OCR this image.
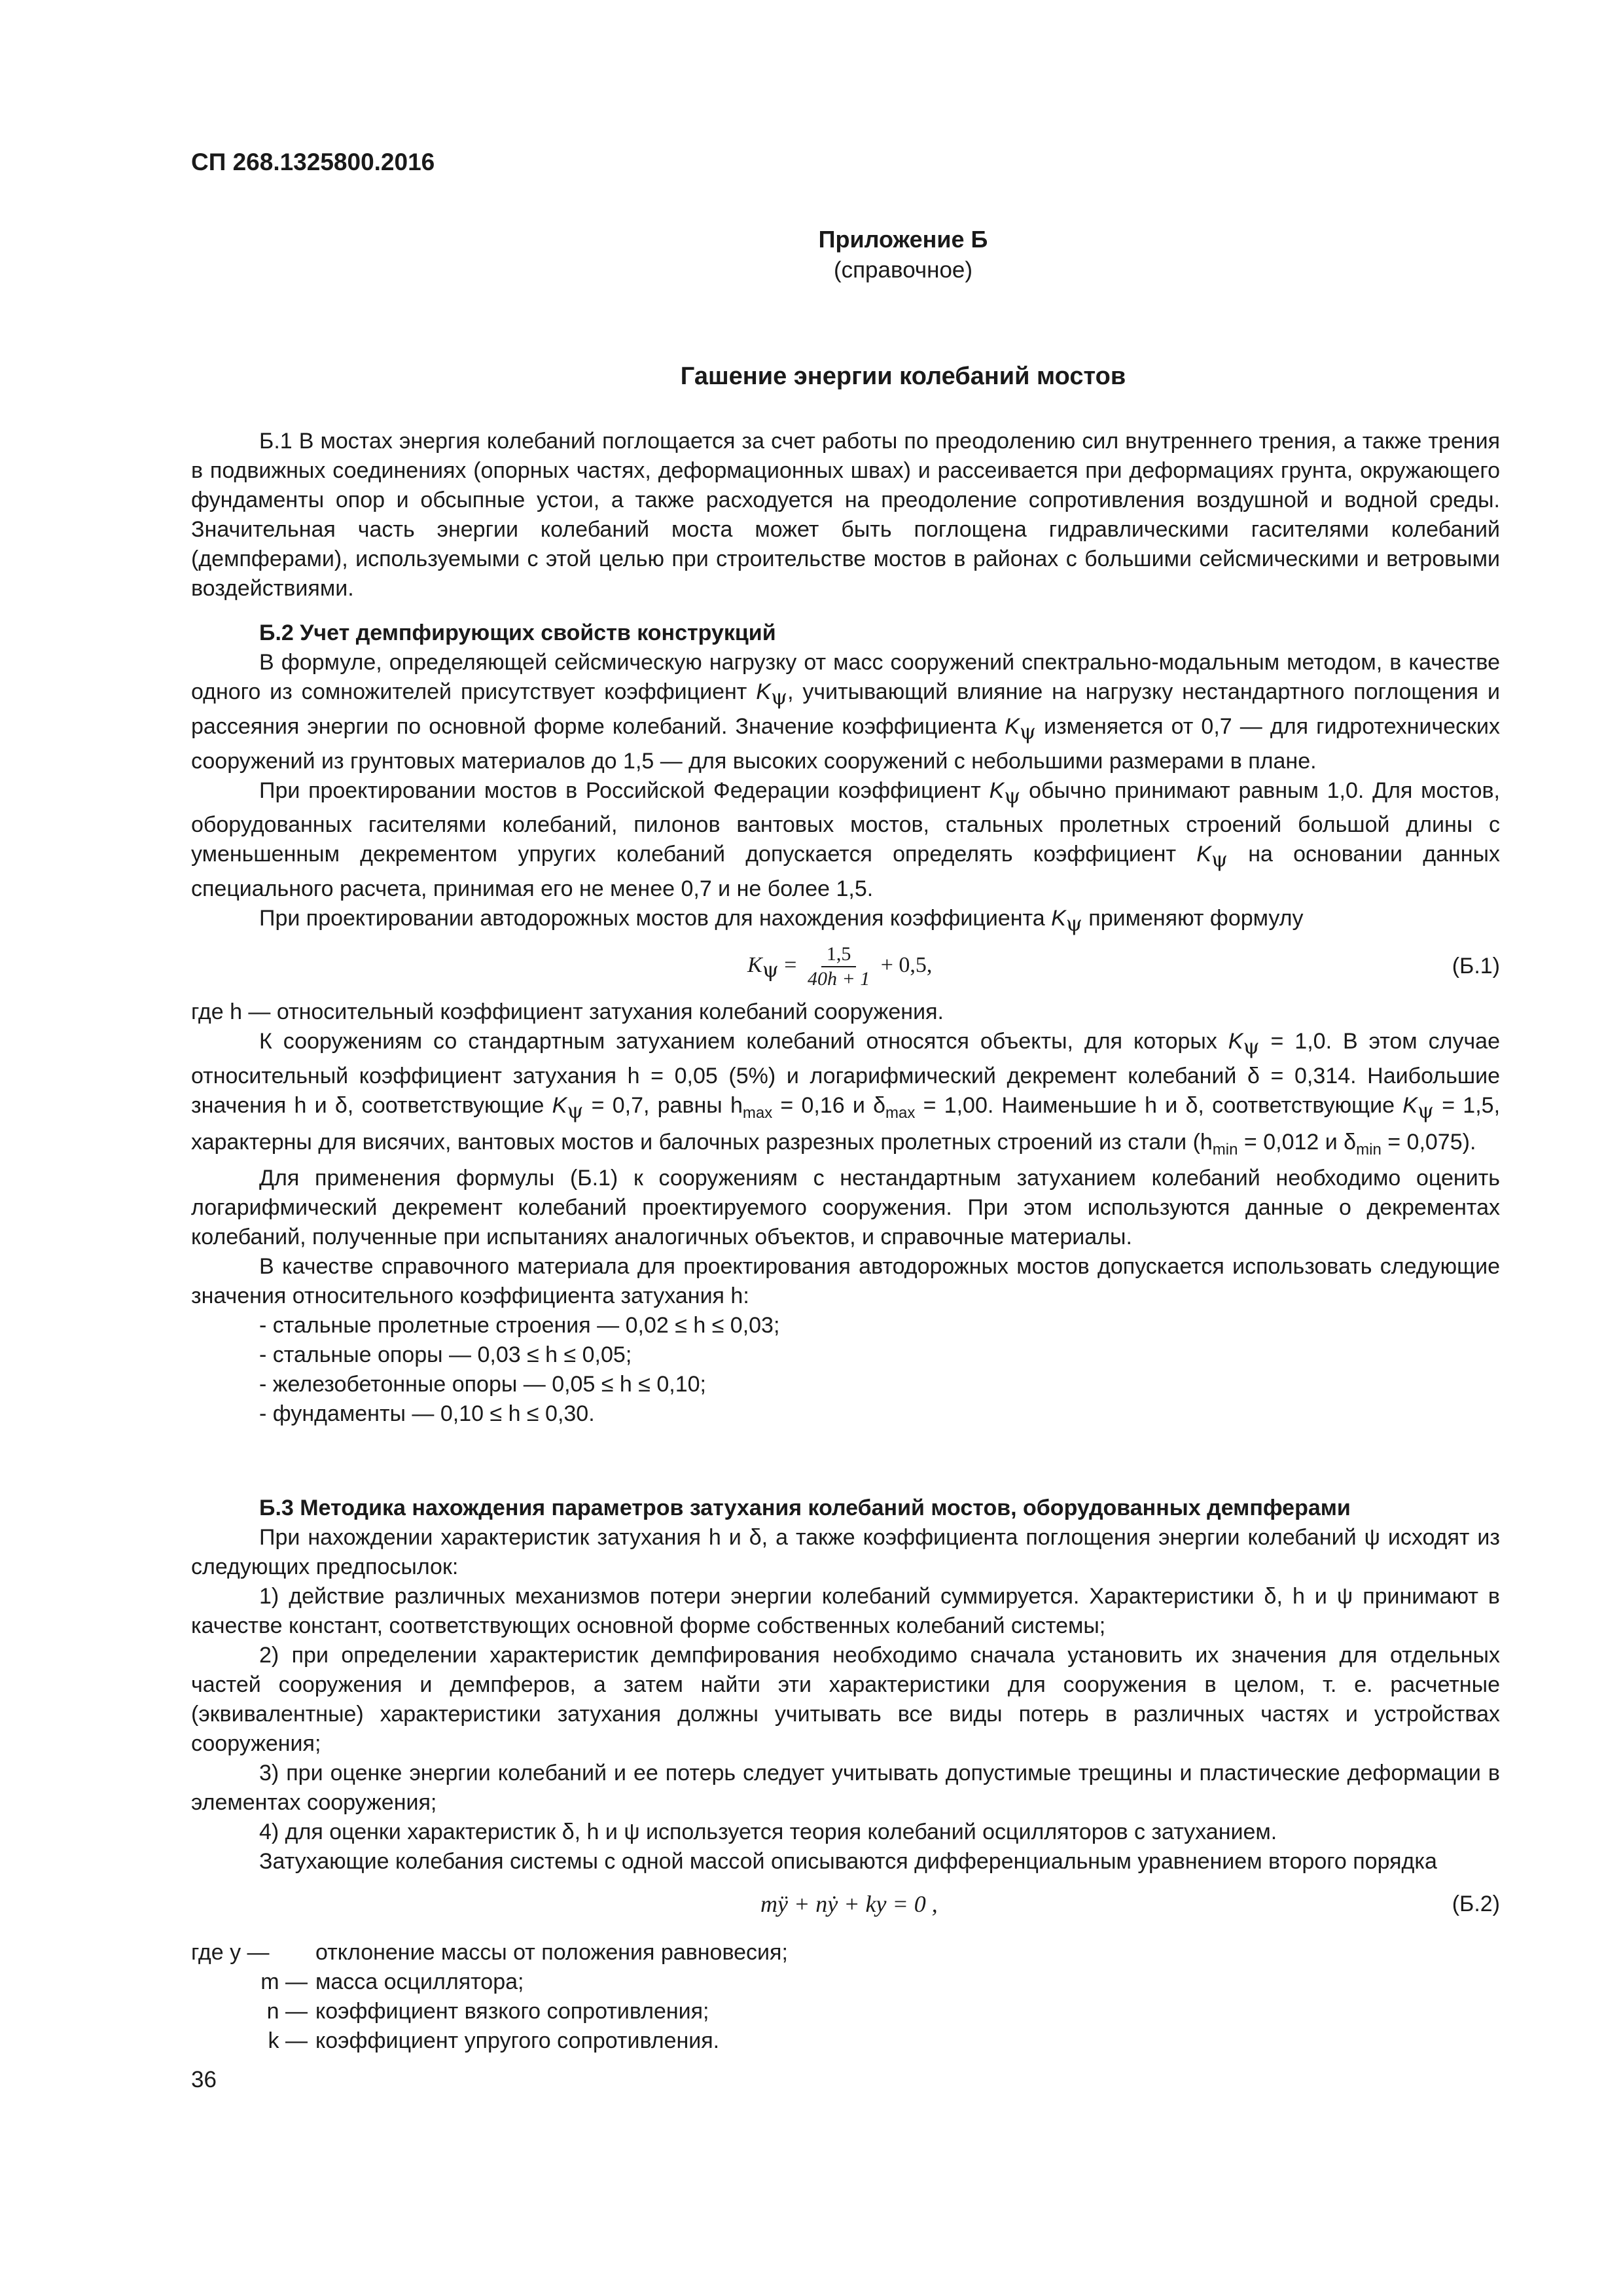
СП 268.1325800.2016
Приложение Б
(справочное)
Гашение энергии колебаний мостов

Б.1 В мостах энергия колебаний поглощается за счет работы по преодолению сил внутреннего трения, а также трения в подвижных соединениях (опорных частях, деформационных швах) и рассеивается при деформациях грунта, окружающего фундаменты опор и обсыпные устои, а также расходуется на преодоление сопротивления воздушной и водной среды. Значительная часть энергии колебаний моста может быть поглощена гидравлическими гасителями колебаний (демпферами), используемыми с этой целью при строительстве мостов в районах с большими сейсмическими и ветровыми воздействиями.

Б.2 Учет демпфирующих свойств конструкций

В формуле, определяющей сейсмическую нагрузку от масс сооружений спектрально-модальным методом, в качестве одного из сомножителей присутствует коэффициент $K_\psi$, учитывающий влияние на нагрузку нестандартного поглощения и рассеяния энергии по основной форме колебаний. Значение коэффициента $K_\psi$ изменяется от 0,7 — для гидротехнических сооружений из грунтовых материалов до 1,5 — для высоких сооружений с небольшими размерами в плане.

При проектировании мостов в Российской Федерации коэффициент $K_\psi$ обычно принимают равным 1,0. Для мостов, оборудованных гасителями колебаний, пилонов вантовых мостов, стальных пролетных строений большой длины с уменьшенным декрементом упругих колебаний допускается определять коэффициент $K_\psi$ на основании данных специального расчета, принимая его не менее 0,7 и не более 1,5.

При проектировании автодорожных мостов для нахождения коэффициента $K_\psi$ применяют формулу

$K_\psi = \frac{1,5}{40h + 1} + 0,5$,	(Б.1)

где h — относительный коэффициент затухания колебаний сооружения.

К сооружениям со стандартным затуханием колебаний относятся объекты, для которых $K_\psi = 1,0$. В этом случае относительный коэффициент затухания h = 0,05 (5%) и логарифмический декремент колебаний δ = 0,314. Наибольшие значения h и δ, соответствующие $K_\psi = 0,7$, равны $h_{max} = 0,16$ и $\delta_{max} = 1,00$. Наименьшие h и δ, соответствующие $K_\psi = 1,5$, характерны для висячих, вантовых мостов и балочных разрезных пролетных строений из стали ($h_{min} = 0,012$ и $\delta_{min} = 0,075$).

Для применения формулы (Б.1) к сооружениям с нестандартным затуханием колебаний необходимо оценить логарифмический декремент колебаний проектируемого сооружения. При этом используются данные о декрементах колебаний, полученные при испытаниях аналогичных объектов, и справочные материалы.

В качестве справочного материала для проектирования автодорожных мостов допускается использовать следующие значения относительного коэффициента затухания h:

- стальные пролетные строения — 0,02 ≤ h ≤ 0,03;
- стальные опоры — 0,03 ≤ h ≤ 0,05;
- железобетонные опоры — 0,05 ≤ h ≤ 0,10;
- фундаменты — 0,10 ≤ h ≤ 0,30.

Б.3 Методика нахождения параметров затухания колебаний мостов, оборудованных демпферами

При нахождении характеристик затухания h и δ, а также коэффициента поглощения энергии колебаний ψ исходят из следующих предпосылок:

1) действие различных механизмов потери энергии колебаний суммируется. Характеристики δ, h и ψ принимают в качестве констант, соответствующих основной форме собственных колебаний системы;

2) при определении характеристик демпфирования необходимо сначала установить их значения для отдельных частей сооружения и демпферов, а затем найти эти характеристики для сооружения в целом, т. е. расчетные (эквивалентные) характеристики затухания должны учитывать все виды потерь в различных частях и устройствах сооружения;

3) при оценке энергии колебаний и ее потерь следует учитывать допустимые трещины и пластические деформации в элементах сооружения;

4) для оценки характеристик δ, h и ψ используется теория колебаний осцилляторов с затуханием.

Затухающие колебания системы с одной массой описываются дифференциальным уравнением второго порядка

mÿ + nẏ + ky = 0 ,	(Б.2)
где y —	отклонение массы от положения равновесия;
m — масса осциллятора;
n — коэффициент вязкого сопротивления;
k — коэффициент упругого сопротивления.
36
